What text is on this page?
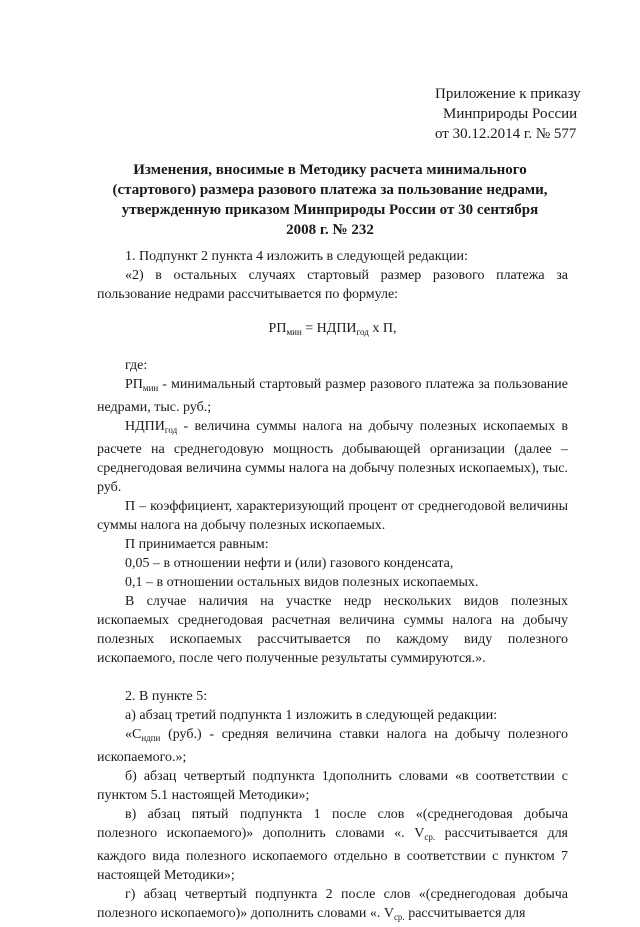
Приложение к приказу
Минприроды России
от 30.12.2014 г. № 577
Изменения, вносимые в Методику расчета минимального (стартового) размера разового платежа за пользование недрами, утвержденную приказом Минприроды России от 30 сентября 2008 г. № 232

1. Подпункт 2 пункта 4 изложить в следующей редакции:

«2) в остальных случаях стартовый размер разового платежа за пользование недрами рассчитывается по формуле:

$РП_{мин}$ = $НДПИ_{год}$ х П,

где:

$РП_{мин}$ - минимальный стартовый размер разового платежа за пользование недрами, тыс. руб.;

$НДПИ_{год}$ - величина суммы налога на добычу полезных ископаемых в расчете на среднегодовую мощность добывающей организации (далее – среднегодовая величина суммы налога на добычу полезных ископаемых), тыс. руб.

П – коэффициент, характеризующий процент от среднегодовой величины суммы налога на добычу полезных ископаемых.

П принимается равным:

0,05 – в отношении нефти и (или) газового конденсата,

0,1 – в отношении остальных видов полезных ископаемых.

В случае наличия на участке недр нескольких видов полезных ископаемых среднегодовая расчетная величина суммы налога на добычу полезных ископаемых рассчитывается по каждому виду полезного ископаемого, после чего полученные результаты суммируются.».

2. В пункте 5:

а) абзац третий подпункта 1 изложить в следующей редакции:

«$С_{ндпи}$ (руб.) - средняя величина ставки налога на добычу полезного ископаемого.»;

б) абзац четвертый подпункта 1дополнить словами «в соответствии с пунктом 5.1 настоящей Методики»;

в) абзац пятый подпункта 1 после слов «(среднегодовая добыча полезного ископаемого)» дополнить словами «. $V_{ср.}$ рассчитывается для каждого вида полезного ископаемого отдельно в соответствии с пунктом 7 настоящей Методики»;

г) абзац четвертый подпункта 2 после слов «(среднегодовая добыча полезного ископаемого)» дополнить словами «. $V_{ср.}$ рассчитывается для
